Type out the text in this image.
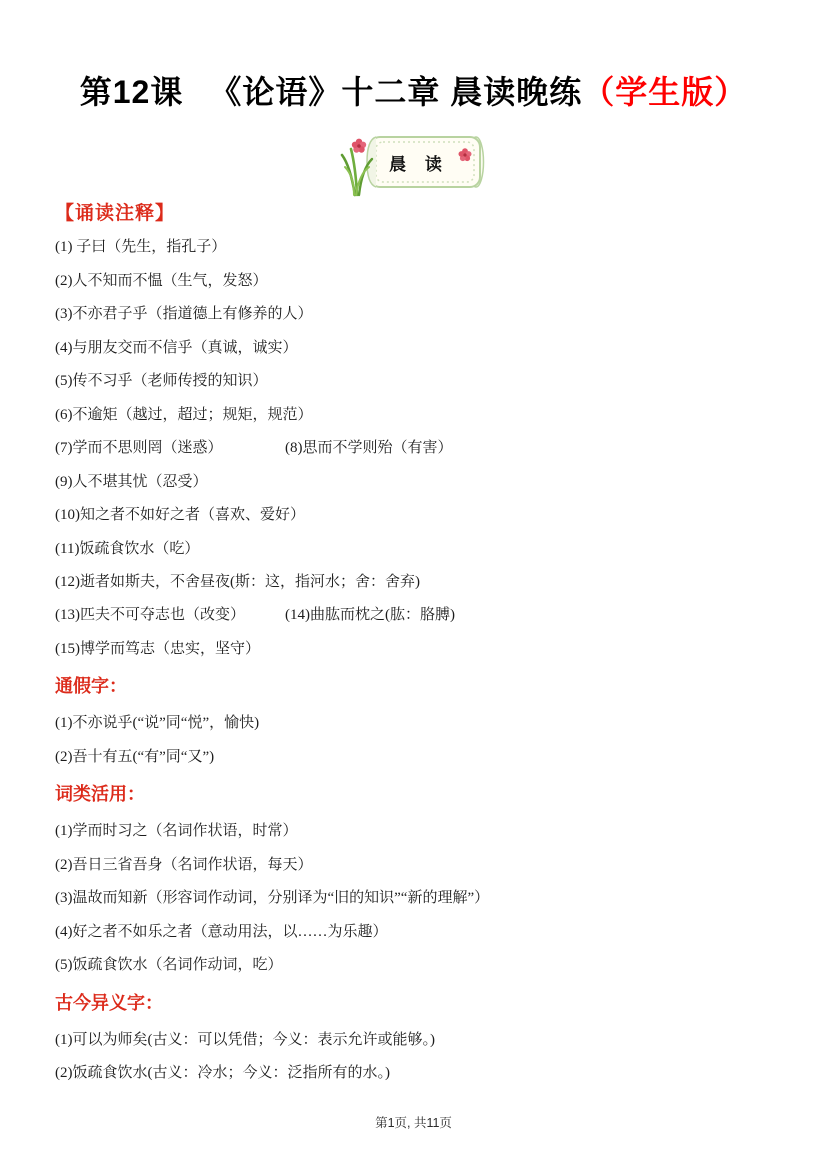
第12课 《论语》十二章 晨读晚练（学生版）
晨 读
【诵读注释】

(1) 子曰（先生，指孔子）

(2)人不知而不愠（生气，发怒）

(3)不亦君子乎（指道德上有修养的人）

(4)与朋友交而不信乎（真诚，诚实）

(5)传不习乎（老师传授的知识）

(6)不逾矩（越过，超过；规矩，规范）

(7)学而不思则罔（迷惑）	(8)思而不学则殆（有害）

(9)人不堪其忧（忍受）

(10)知之者不如好之者（喜欢、爱好）

(11)饭疏食饮水（吃）

(12)逝者如斯夫，不舍昼夜(斯：这，指河水；舍：舍弃)

(13)匹夫不可夺志也（改变）	(14)曲肱而枕之(肱：胳膊)

(15)博学而笃志（忠实，坚守）

通假字：

(1)不亦说乎(“说”同“悦”，愉快)

(2)吾十有五(“有”同“又”)

词类活用：

(1)学而时习之（名词作状语，时常）

(2)吾日三省吾身（名词作状语，每天）

(3)温故而知新（形容词作动词，分别译为“旧的知识”“新的理解”）

(4)好之者不如乐之者（意动用法，以……为乐趣）

(5)饭疏食饮水（名词作动词，吃）

古今异义字：

(1)可以为师矣(古义：可以凭借；今义：表示允许或能够。)

(2)饭疏食饮水(古义：冷水；今义：泛指所有的水。)

第1页, 共11页
